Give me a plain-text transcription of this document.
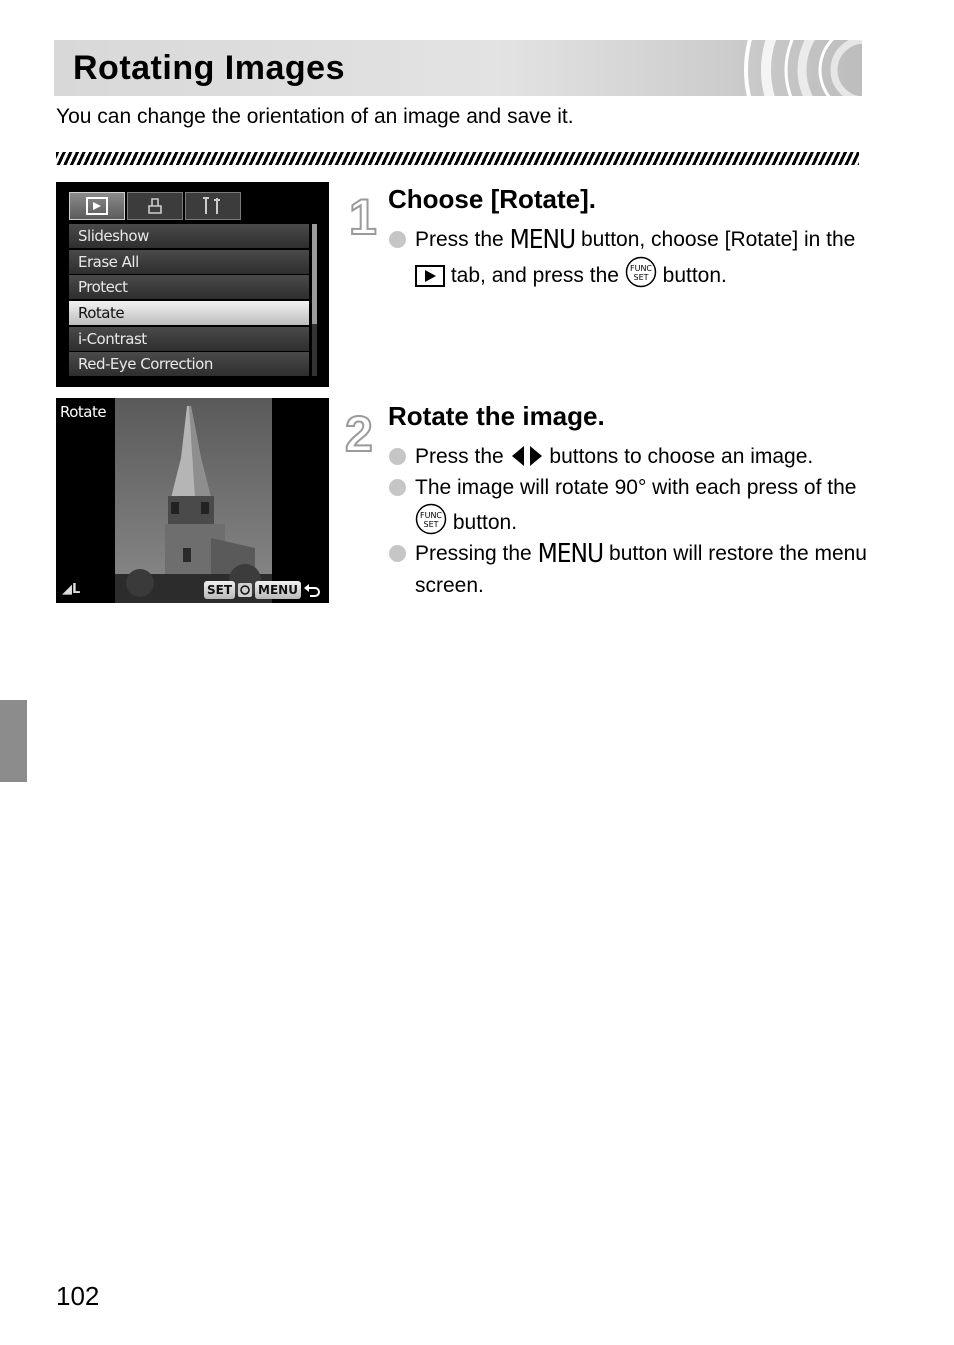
Rotating Images
You can change the orientation of an image and save it.
Slideshow
Erase All
Protect
Rotate
i-Contrast
Red-Eye Correction
Rotate
◢L	SET MENU
1 Choose [Rotate].
Press the MENU button, choose [Rotate] in the  tab, and press the FUNC
SET button.
2 Rotate the image.
Press the buttons to choose an image.
The image will rotate 90° with each press of the
FUNC
SET button.
Pressing the MENU button will restore the menu screen.
102
